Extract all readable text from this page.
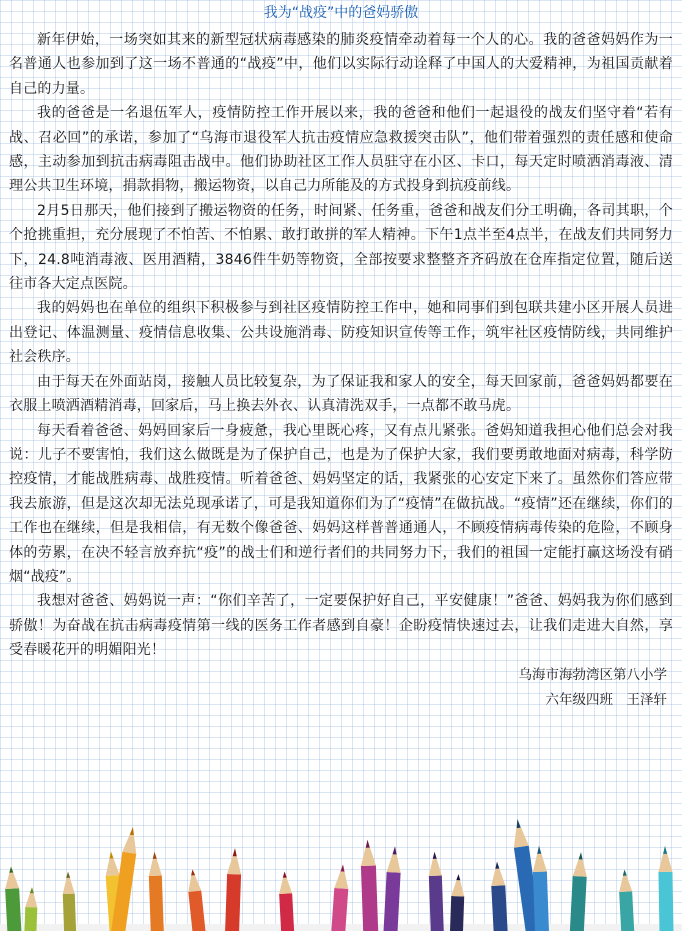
我为“战疫”中的爸妈骄傲

新年伊始，一场突如其来的新型冠状病毒感染的肺炎疫情牵动着每一个人的心。我的爸爸妈妈作为一名普通人也参加到了这一场不普通的“战疫”中，他们以实际行动诠释了中国人的大爱精神，为祖国贡献着自己的力量。

我的爸爸是一名退伍军人，疫情防控工作开展以来，我的爸爸和他们一起退役的战友们坚守着“若有战、召必回”的承诺，参加了“乌海市退役军人抗击疫情应急救援突击队”，他们带着强烈的责任感和使命感，主动参加到抗击病毒阻击战中。他们协助社区工作人员驻守在小区、卡口，每天定时喷洒消毒液、清理公共卫生环境，捐款捐物，搬运物资，以自己力所能及的方式投身到抗疫前线。

2月5日那天，他们接到了搬运物资的任务，时间紧、任务重，爸爸和战友们分工明确，各司其职，个个抢挑重担，充分展现了不怕苦、不怕累、敢打敢拼的军人精神。下午1点半至4点半，在战友们共同努力下，24.8吨消毒液、医用酒精，3846件牛奶等物资，全部按要求整整齐齐码放在仓库指定位置，随后送往市各大定点医院。

我的妈妈也在单位的组织下积极参与到社区疫情防控工作中，她和同事们到包联共建小区开展人员进出登记、体温测量、疫情信息收集、公共设施消毒、防疫知识宣传等工作，筑牢社区疫情防线，共同维护社会秩序。

由于每天在外面站岗，接触人员比较复杂，为了保证我和家人的安全，每天回家前，爸爸妈妈都要在衣服上喷洒酒精消毒，回家后，马上换去外衣、认真清洗双手，一点都不敢马虎。

每天看着爸爸、妈妈回家后一身疲惫，我心里既心疼，又有点儿紧张。爸妈知道我担心他们总会对我说：儿子不要害怕，我们这么做既是为了保护自己，也是为了保护大家，我们要勇敢地面对病毒，科学防控疫情，才能战胜病毒、战胜疫情。听着爸爸、妈妈坚定的话，我紧张的心安定下来了。虽然你们答应带我去旅游，但是这次却无法兑现承诺了，可是我知道你们为了“疫情”在做抗战。“疫情”还在继续，你们的工作也在继续，但是我相信，有无数个像爸爸、妈妈这样普普通通人，不顾疫情病毒传染的危险，不顾身体的劳累，在决不轻言放弃抗“疫”的战士们和逆行者们的共同努力下，我们的祖国一定能打赢这场没有硝烟“战疫”。

我想对爸爸、妈妈说一声：“你们辛苦了，一定要保护好自己，平安健康！”爸爸、妈妈我为你们感到骄傲！为奋战在抗击病毒疫情第一线的医务工作者感到自豪！企盼疫情快速过去，让我们走进大自然，享受春暖花开的明媚阳光！

乌海市海勃湾区第八小学
六年级四班　王泽轩
